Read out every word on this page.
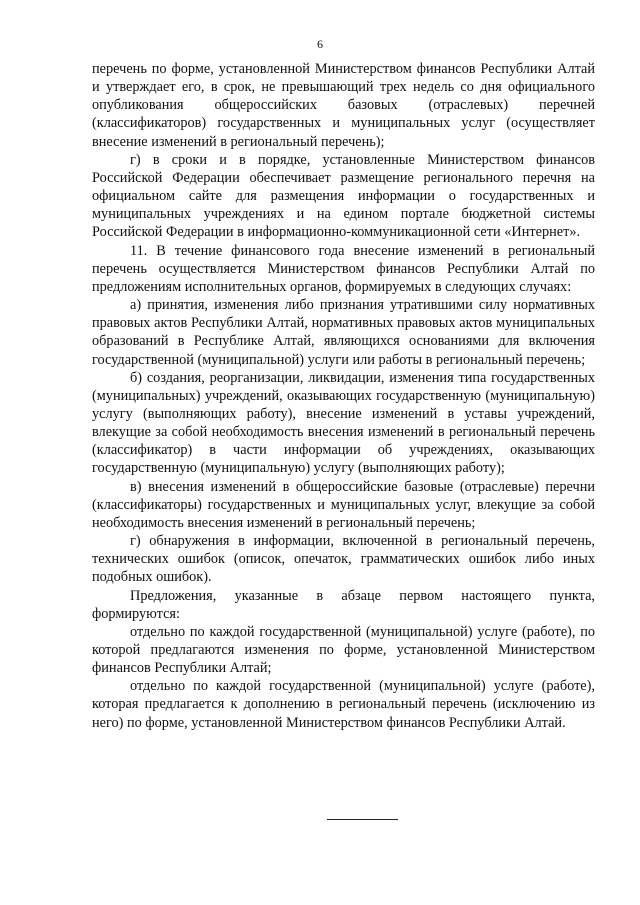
6

перечень по форме, установленной Министерством финансов Республики Алтай и утверждает его, в срок, не превышающий трех недель со дня официального опубликования общероссийских базовых (отраслевых) перечней (классификаторов) государственных и муниципальных услуг (осуществляет внесение изменений в региональный перечень);

г) в сроки и в порядке, установленные Министерством финансов Российской Федерации обеспечивает размещение регионального перечня на официальном сайте для размещения информации о государственных и муниципальных учреждениях и на едином портале бюджетной системы Российской Федерации в информационно-коммуникационной сети «Интернет».

11. В течение финансового года внесение изменений в региональный перечень осуществляется Министерством финансов Республики Алтай по предложениям исполнительных органов, формируемых в следующих случаях:

а) принятия, изменения либо признания утратившими силу нормативных правовых актов Республики Алтай, нормативных правовых актов муниципальных образований в Республике Алтай, являющихся основаниями для включения государственной (муниципальной) услуги или работы в региональный перечень;

б) создания, реорганизации, ликвидации, изменения типа государственных (муниципальных) учреждений, оказывающих государственную (муниципальную) услугу (выполняющих работу), внесение изменений в уставы учреждений, влекущие за собой необходимость внесения изменений в региональный перечень (классификатор) в части информации об учреждениях, оказывающих государственную (муниципальную) услугу (выполняющих работу);

в) внесения изменений в общероссийские базовые (отраслевые) перечни (классификаторы) государственных и муниципальных услуг, влекущие за собой необходимость внесения изменений в региональный перечень;

г) обнаружения в информации, включенной в региональный перечень, технических ошибок (описок, опечаток, грамматических ошибок либо иных подобных ошибок).

Предложения, указанные в абзаце первом настоящего пункта, формируются:

отдельно по каждой государственной (муниципальной) услуге (работе), по которой предлагаются изменения по форме, установленной Министерством финансов Республики Алтай;

отдельно по каждой государственной (муниципальной) услуге (работе), которая предлагается к дополнению в региональный перечень (исключению из него) по форме, установленной Министерством финансов Республики Алтай.
